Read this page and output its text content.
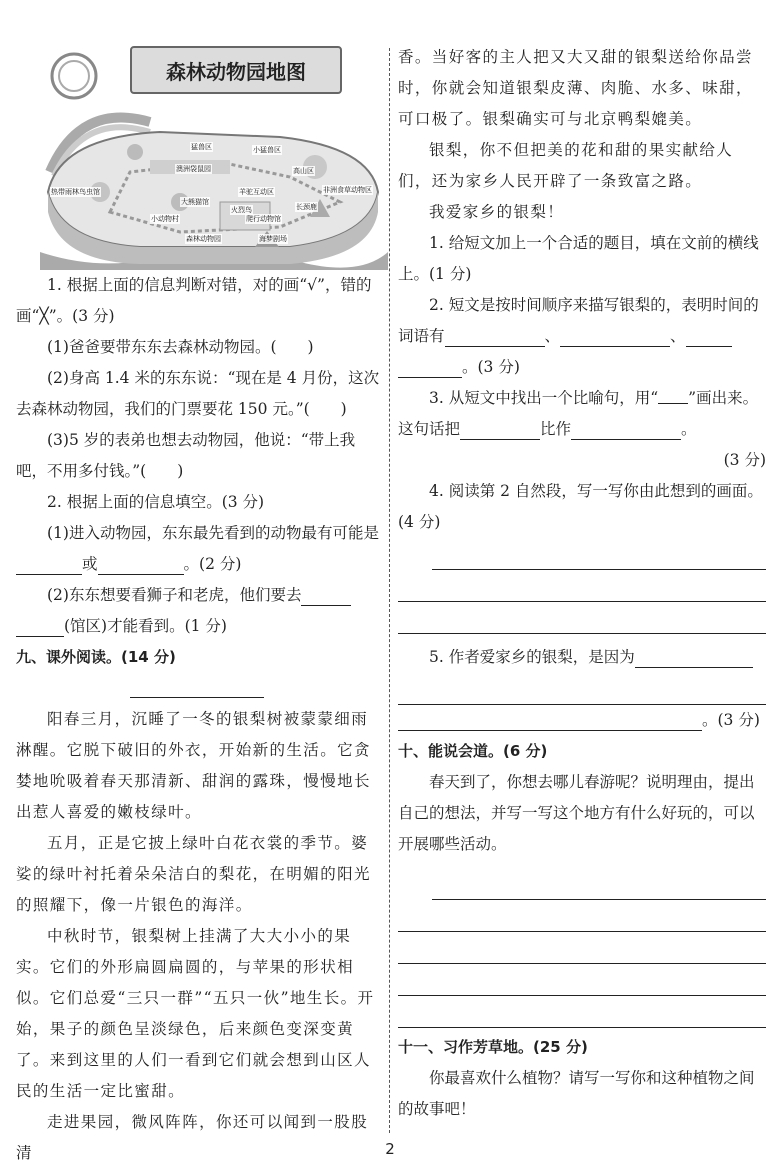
森林动物园地图
猛兽区	小猛兽区
澳洲袋鼠园	高山区
热带雨林鸟虫馆
大熊猫馆
羊驼互动区
火烈鸟	长颈鹿
非洲食草动物区
小动物村
森林动物园	海梦剧场
爬行动物馆

1. 根据上面的信息判断对错，对的画“√”，错的画“╳”。(3 分)

(1)爸爸要带东东去森林动物园。(　　)

(2)身高 1.4 米的东东说：“现在是 4 月份，这次去森林动物园，我们的门票要花 150 元。”(　　)

(3)5 岁的表弟也想去动物园，他说：“带上我吧，不用多付钱。”(　　)

2. 根据上面的信息填空。(3 分)

(1)进入动物园，东东最先看到的动物最有可能是或	。(2 分)

(2)东东想要看狮子和老虎，他们要去
(馆区)才能看到。(1 分)

九、课外阅读。(14 分)

阳春三月，沉睡了一冬的银梨树被蒙蒙细雨淋醒。它脱下破旧的外衣，开始新的生活。它贪婪地吮吸着春天那清新、甜润的露珠，慢慢地长出惹人喜爱的嫩枝绿叶。

五月，正是它披上绿叶白花衣裳的季节。婆娑的绿叶衬托着朵朵洁白的梨花，在明媚的阳光的照耀下，像一片银色的海洋。

中秋时节，银梨树上挂满了大大小小的果实。它们的外形扁圆扁圆的，与苹果的形状相似。它们总爱“三只一群”“五只一伙”地生长。开始，果子的颜色呈淡绿色，后来颜色变深变黄了。来到这里的人们一看到它们就会想到山区人民的生活一定比蜜甜。

走进果园，微风阵阵，你还可以闻到一股股清

香。当好客的主人把又大又甜的银梨送给你品尝时，你就会知道银梨皮薄、肉脆、水多、味甜，可口极了。银梨确实可与北京鸭梨媲美。

银梨，你不但把美的花和甜的果实献给人们，还为家乡人民开辟了一条致富之路。

我爱家乡的银梨！

1. 给短文加上一个合适的题目，填在文前的横线上。(1 分)

2. 短文是按时间顺序来描写银梨的，表明时间的词语有	、	、
。(3 分)

3. 从短文中找出一个比喻句，用“ ”画出来。这句话把	比作	。

(3 分)

4. 阅读第 2 自然段，写一写你由此想到的画面。(4 分)

5. 作者爱家乡的银梨，是因为

。(3 分)

十、能说会道。(6 分)

春天到了，你想去哪儿春游呢？说明理由，提出自己的想法，并写一写这个地方有什么好玩的，可以开展哪些活动。

十一、习作芳草地。(25 分)

你最喜欢什么植物？请写一写你和这种植物之间的故事吧！

2
